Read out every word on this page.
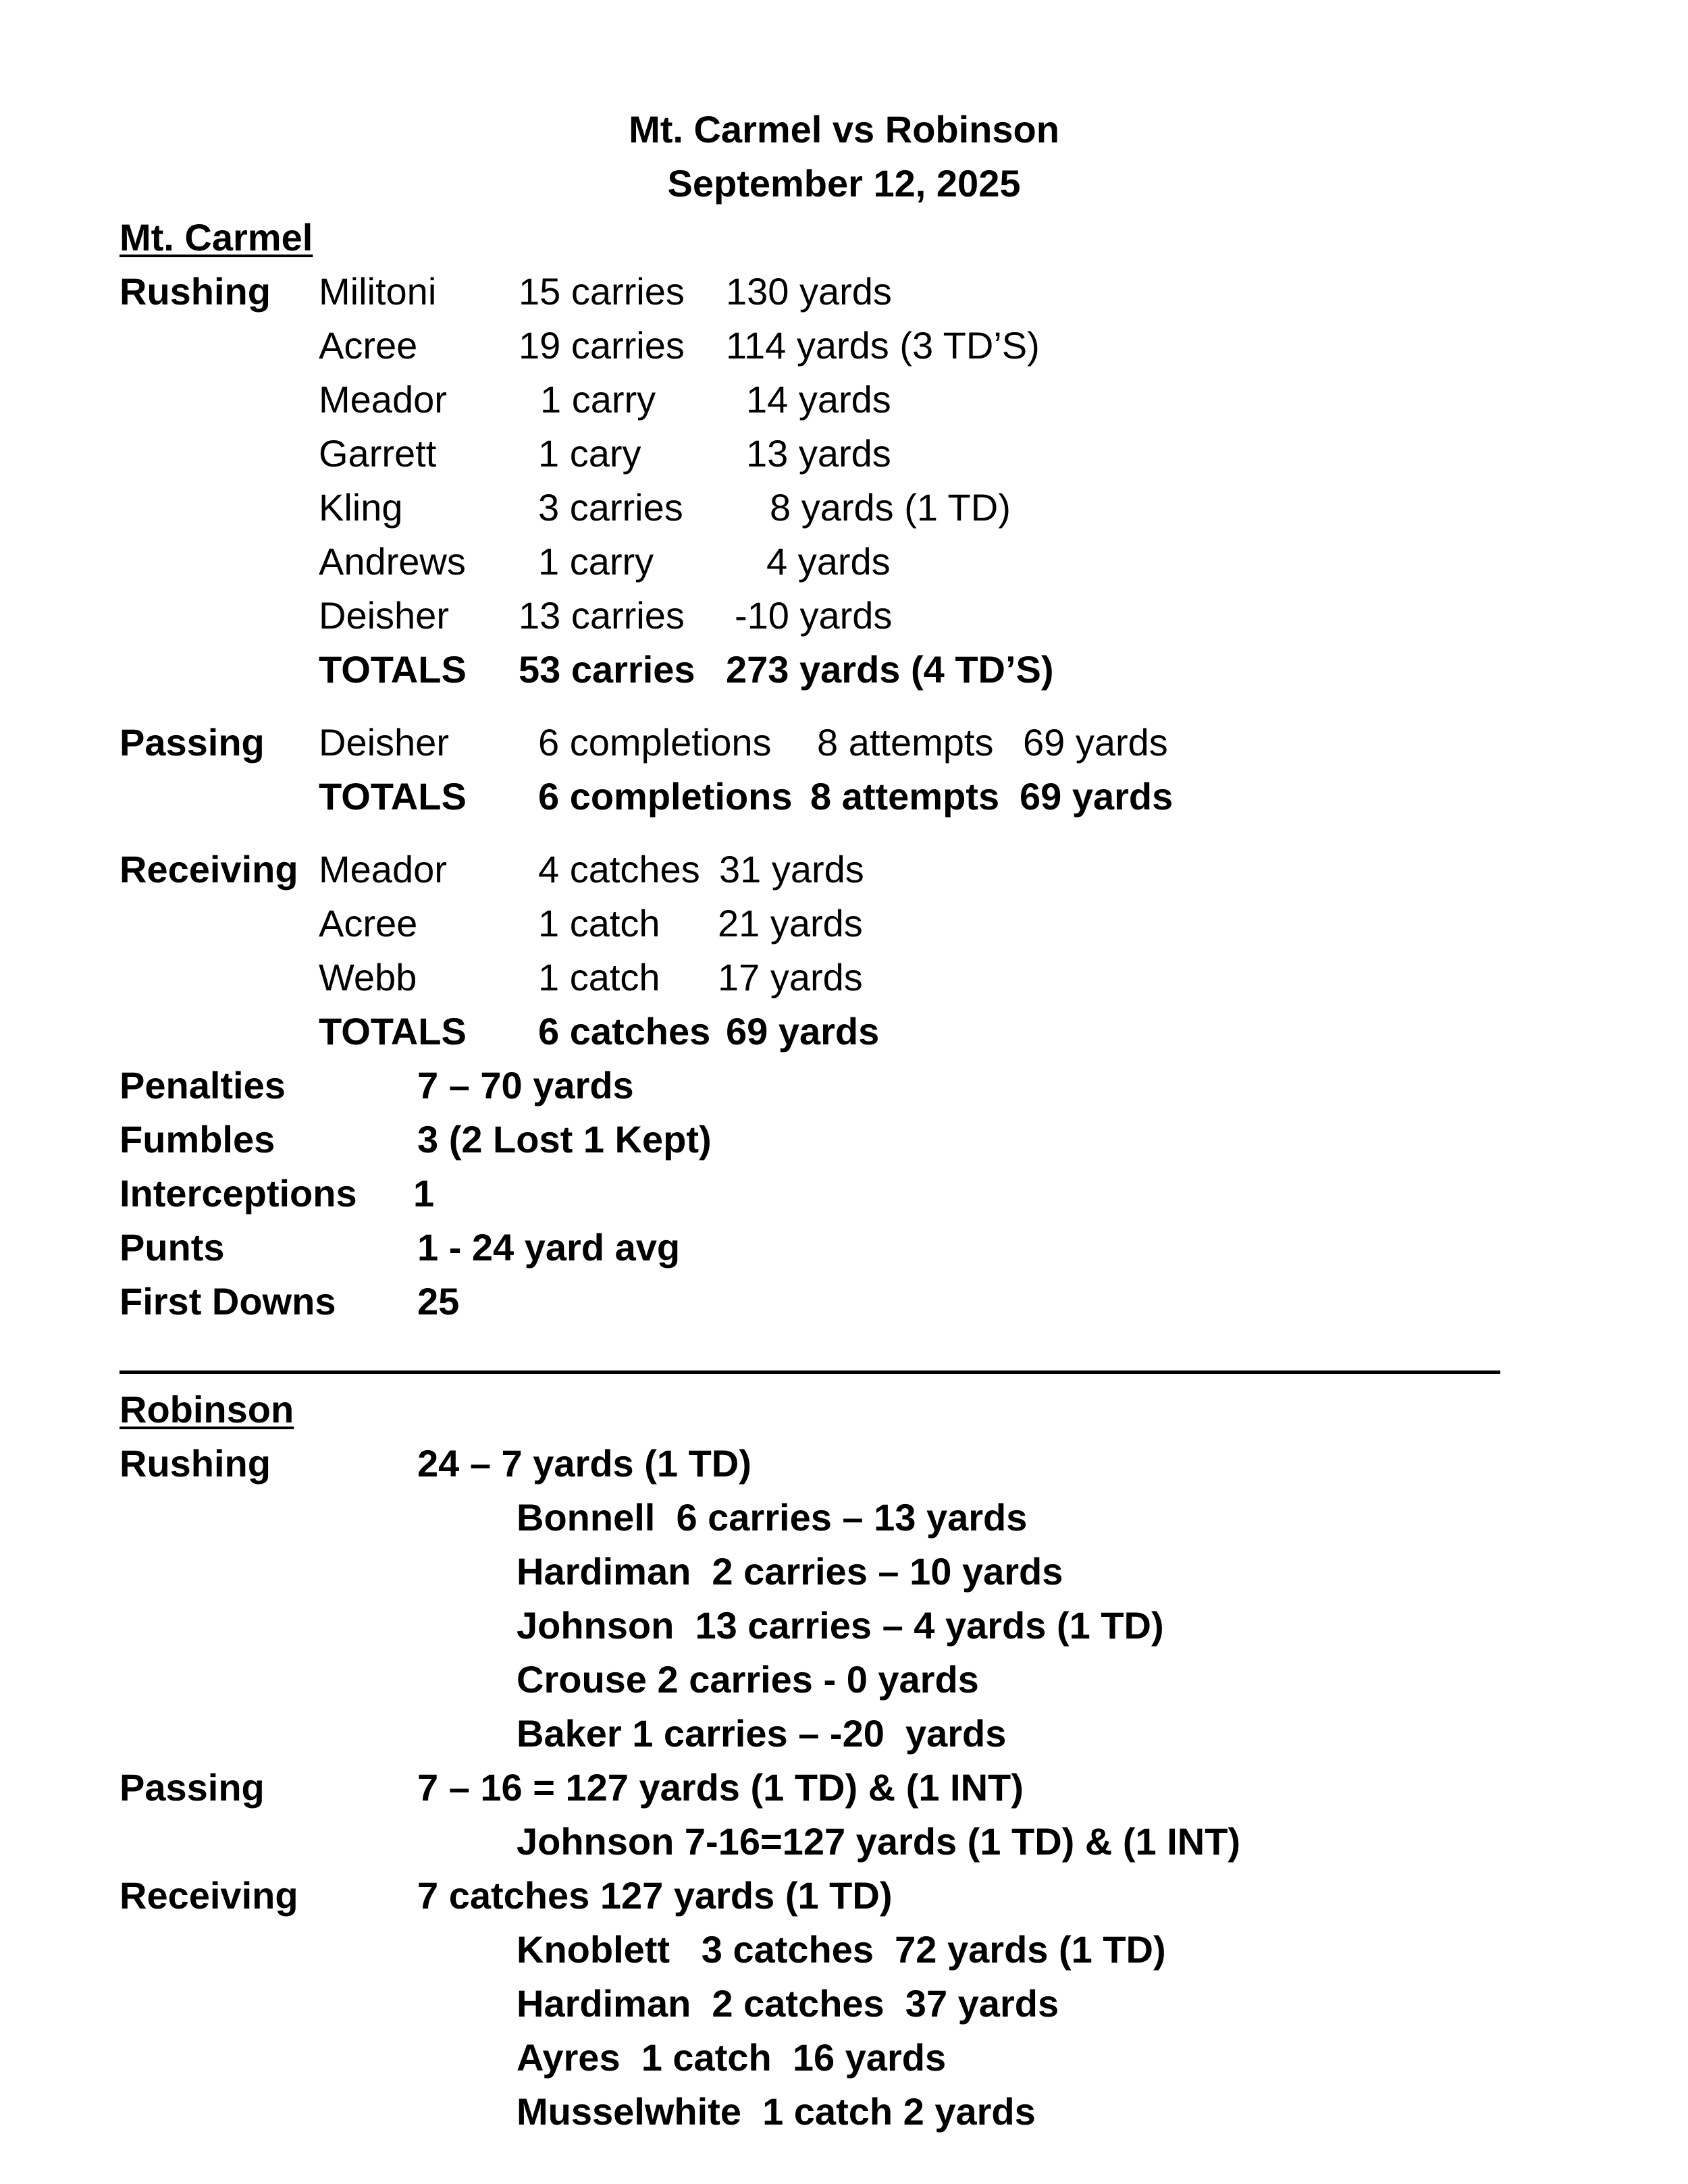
Mt. Carmel vs Robinson
September 12, 2025
Mt. Carmel
Rushing Militoni 15 carries 130 yards
Acree	19 carries 114 yards (3 TD’S)
Meador 1 carry 14 yards
Garrett	1 cary	13 yards
Kling	3 carries 8 yards (1 TD)
Andrews 1 carry	4 yards
Deisher 13 carries -10 yards
TOTALS 53 carries 273 yards (4 TD’S)
Passing Deisher 6 completions 8 attempts 69 yards
TOTALS 6 completions 8 attempts 69 yards
Receiving Meador 4 catches 31 yards
Acree	1 catch 21 yards
Webb	1 catch 17 yards
TOTALS 6 catches 69 yards
Penalties	7 – 70 yards
Fumbles	3 (2 Lost 1 Kept)
Interceptions 1
Punts	1 - 24 yard avg
First Downs 25
Robinson
Rushing	24 – 7 yards (1 TD)
Bonnell  6 carries – 13 yards
Hardiman  2 carries – 10 yards
Johnson  13 carries – 4 yards (1 TD)
Crouse 2 carries - 0 yards
Baker 1 carries – -20  yards
Passing	7 – 16 = 127 yards (1 TD) & (1 INT)
Johnson 7-16=127 yards (1 TD) & (1 INT)
Receiving	7 catches 127 yards (1 TD)
Knoblett   3 catches  72 yards (1 TD)
Hardiman  2 catches  37 yards
Ayres  1 catch  16 yards
Musselwhite  1 catch 2 yards
